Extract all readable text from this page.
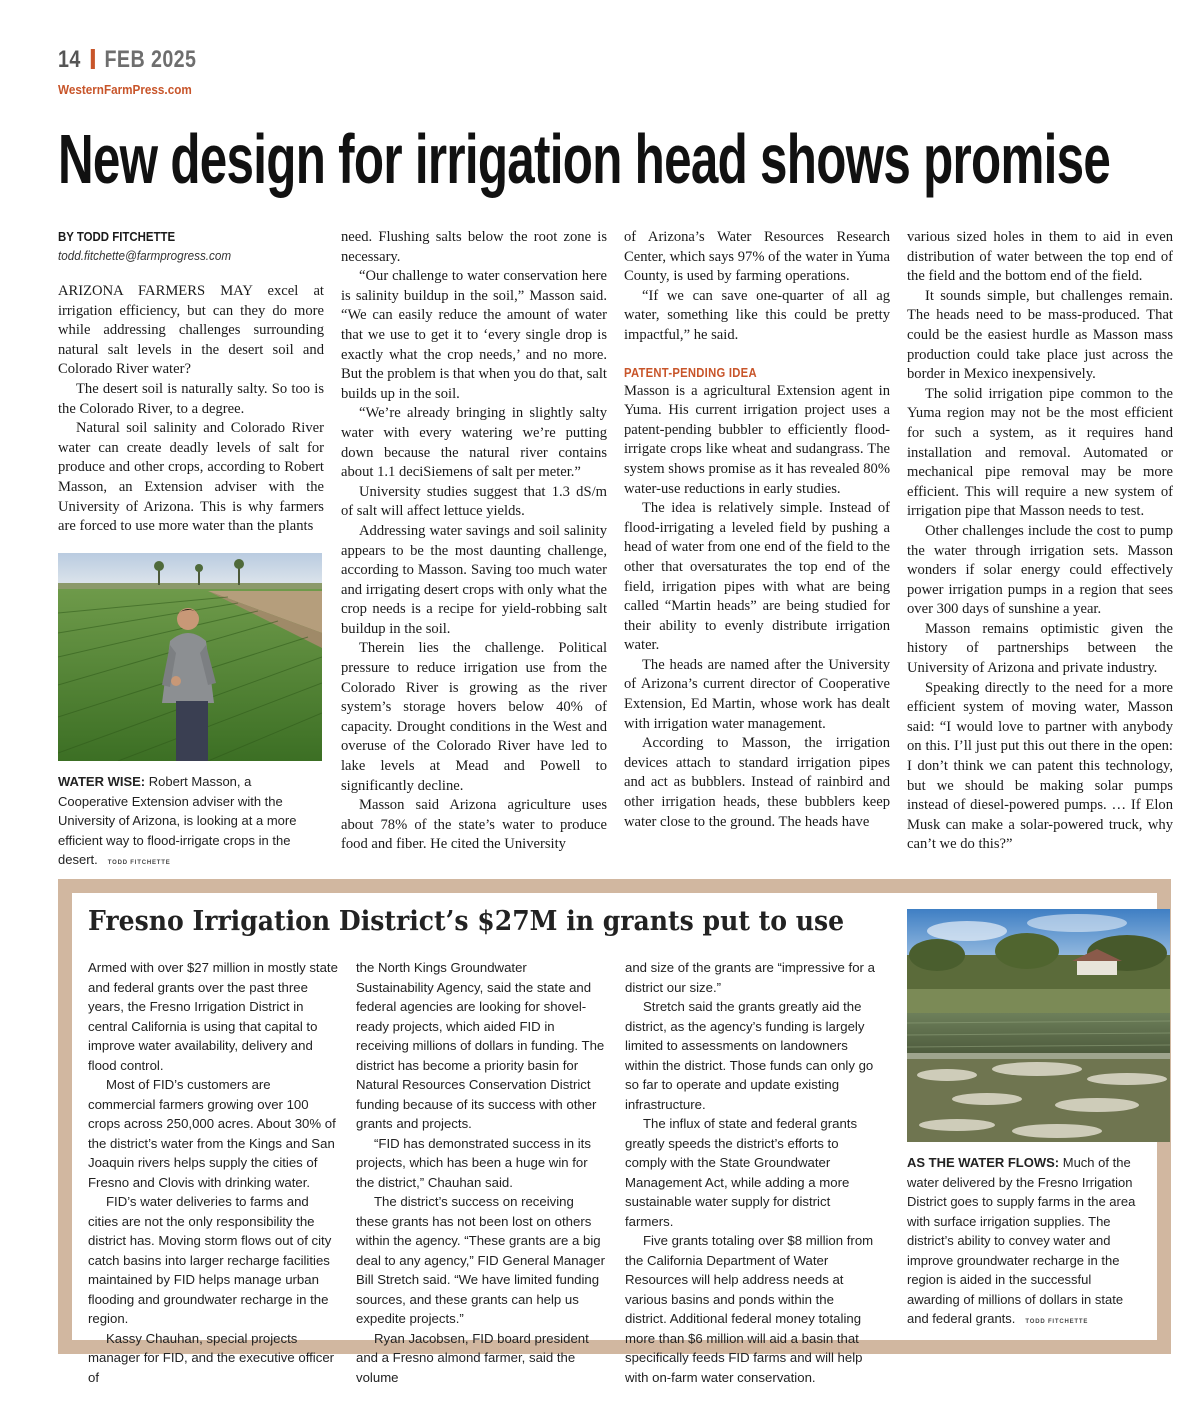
14 FEB 2025
WesternFarmPress.com
New design for irrigation head shows promise
BY TODD FITCHETTE
todd.fitchette@farmprogress.com

ARIZONA FARMERS MAY excel at irrigation efficiency, but can they do more while addressing challenges surrounding natural salt levels in the desert soil and Colorado River water?

The desert soil is naturally salty. So too is the Colorado River, to a degree.

Natural soil salinity and Colorado River water can create deadly levels of salt for produce and other crops, according to Robert Masson, an Extension adviser with the University of Arizona. This is why farmers are forced to use more water than the plants

WATER WISE: Robert Masson, a Cooperative Extension adviser with the University of Arizona, is looking at a more efficient way to flood-irrigate crops in the desert. TODD FITCHETTE

need. Flushing salts below the root zone is necessary.

“Our challenge to water conservation here is salinity buildup in the soil,” Masson said. “We can easily reduce the amount of water that we use to get it to ‘every single drop is exactly what the crop needs,’ and no more. But the problem is that when you do that, salt builds up in the soil.

“We’re already bringing in slightly salty water with every watering we’re putting down because the natural river contains about 1.1 deciSiemens of salt per meter.”

University studies suggest that 1.3 dS/m of salt will affect lettuce yields.

Addressing water savings and soil salinity appears to be the most daunting challenge, according to Masson. Saving too much water and irrigating desert crops with only what the crop needs is a recipe for yield-robbing salt buildup in the soil.

Therein lies the challenge. Political pressure to reduce irrigation use from the Colorado River is growing as the river system’s storage hovers below 40% of capacity. Drought conditions in the West and overuse of the Colorado River have led to lake levels at Mead and Powell to significantly decline.

Masson said Arizona agriculture uses about 78% of the state’s water to produce food and fiber. He cited the University

of Arizona’s Water Resources Research Center, which says 97% of the water in Yuma County, is used by farming operations.

“If we can save one-quarter of all ag water, something like this could be pretty impactful,” he said.

PATENT-PENDING IDEA

Masson is a agricultural Extension agent in Yuma. His current irrigation project uses a patent-pending bubbler to efficiently flood-irrigate crops like wheat and sudangrass. The system shows promise as it has revealed 80% water-use reductions in early studies.

The idea is relatively simple. Instead of flood-irrigating a leveled field by pushing a head of water from one end of the field to the other that oversaturates the top end of the field, irrigation pipes with what are being called “Martin heads” are being studied for their ability to evenly distribute irrigation water.

The heads are named after the University of Arizona’s current director of Cooperative Extension, Ed Martin, whose work has dealt with irrigation water management.

According to Masson, the irrigation devices attach to standard irrigation pipes and act as bubblers. Instead of rainbird and other irrigation heads, these bubblers keep water close to the ground. The heads have

various sized holes in them to aid in even distribution of water between the top end of the field and the bottom end of the field.

It sounds simple, but challenges remain. The heads need to be mass-produced. That could be the easiest hurdle as Masson mass production could take place just across the border in Mexico inexpensively.

The solid irrigation pipe common to the Yuma region may not be the most efficient for such a system, as it requires hand installation and removal. Automated or mechanical pipe removal may be more efficient. This will require a new system of irrigation pipe that Masson needs to test.

Other challenges include the cost to pump the water through irrigation sets. Masson wonders if solar energy could effectively power irrigation pumps in a region that sees over 300 days of sunshine a year.

Masson remains optimistic given the history of partnerships between the University of Arizona and private industry.

Speaking directly to the need for a more efficient system of moving water, Masson said: “I would love to partner with anybody on this. I’ll just put this out there in the open: I don’t think we can patent this technology, but we should be making solar pumps instead of diesel-powered pumps. … If Elon Musk can make a solar-powered truck, why can’t we do this?”

Fresno Irrigation District’s $27M in grants put to use

Armed with over $27 million in mostly state and federal grants over the past three years, the Fresno Irrigation District in central California is using that capital to improve water availability, delivery and flood control.

Most of FID’s customers are commercial farmers growing over 100 crops across 250,000 acres. About 30% of the district’s water from the Kings and San Joaquin rivers helps supply the cities of Fresno and Clovis with drinking water.

FID’s water deliveries to farms and cities are not the only responsibility the district has. Moving storm flows out of city catch basins into larger recharge facilities maintained by FID helps manage urban flooding and groundwater recharge in the region.

Kassy Chauhan, special projects manager for FID, and the executive officer of

the North Kings Groundwater Sustainability Agency, said the state and federal agencies are looking for shovel-ready projects, which aided FID in receiving millions of dollars in funding. The district has become a priority basin for Natural Resources Conservation District funding because of its success with other grants and projects.

“FID has demonstrated success in its projects, which has been a huge win for the district,” Chauhan said.

The district’s success on receiving these grants has not been lost on others within the agency. “These grants are a big deal to any agency,” FID General Manager Bill Stretch said. “We have limited funding sources, and these grants can help us expedite projects.”

Ryan Jacobsen, FID board president and a Fresno almond farmer, said the volume

and size of the grants are “impressive for a district our size.”

Stretch said the grants greatly aid the district, as the agency’s funding is largely limited to assessments on landowners within the district. Those funds can only go so far to operate and update existing infrastructure.

The influx of state and federal grants greatly speeds the district’s efforts to comply with the State Groundwater Management Act, while adding a more sustainable water supply for district farmers.

Five grants totaling over $8 million from the California Department of Water Resources will help address needs at various basins and ponds within the district. Additional federal money totaling more than $6 million will aid a basin that specifically feeds FID farms and will help with on-farm water conservation.

AS THE WATER FLOWS: Much of the water delivered by the Fresno Irrigation District goes to supply farms in the area with surface irrigation supplies. The district’s ability to convey water and improve groundwater recharge in the region is aided in the successful awarding of millions of dollars in state and federal grants. TODD FITCHETTE
